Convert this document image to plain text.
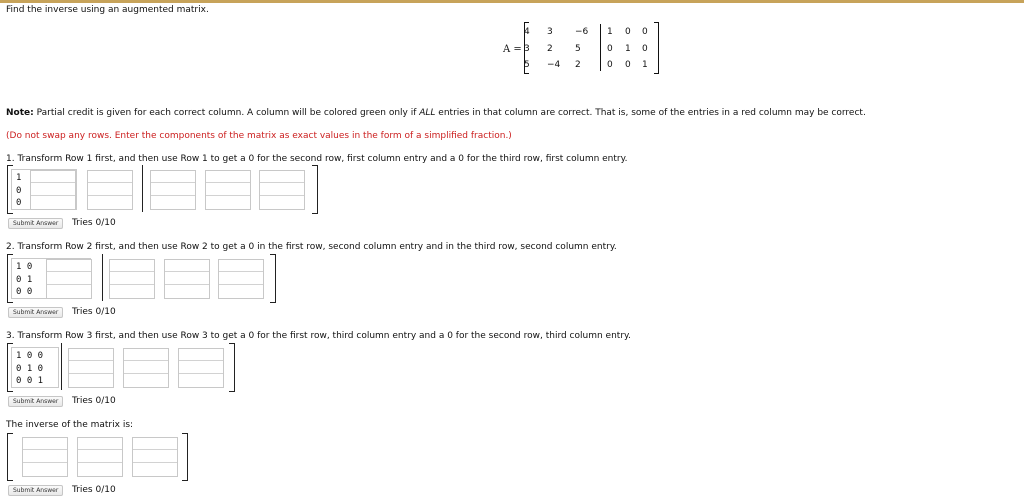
Find the inverse using an augmented matrix.
A =
4 3 −6 1 0 0
3 2 5	0 1 0
5 −4 2	0 0 1
Note: Partial credit is given for each correct column. A column will be colored green only if ALL entries in that column are correct. That is, some of the entries in a red column may be correct.
(Do not swap any rows. Enter the components of the matrix as exact values in the form of a simplified fraction.)
1. Transform Row 1 first, and then use Row 1 to get a 0 for the second row, first column entry and a 0 for the third row, first column entry.
1
0
0
Submit Answer	Tries 0/10
2. Transform Row 2 first, and then use Row 2 to get a 0 in the first row, second column entry and in the third row, second column entry.
1 0
0 1
0 0
Submit Answer	Tries 0/10
3. Transform Row 3 first, and then use Row 3 to get a 0 for the first row, third column entry and a 0 for the second row, third column entry.
1 0 0
0 1 0
0 0 1
Submit Answer	Tries 0/10
The inverse of the matrix is:
Submit Answer	Tries 0/10
